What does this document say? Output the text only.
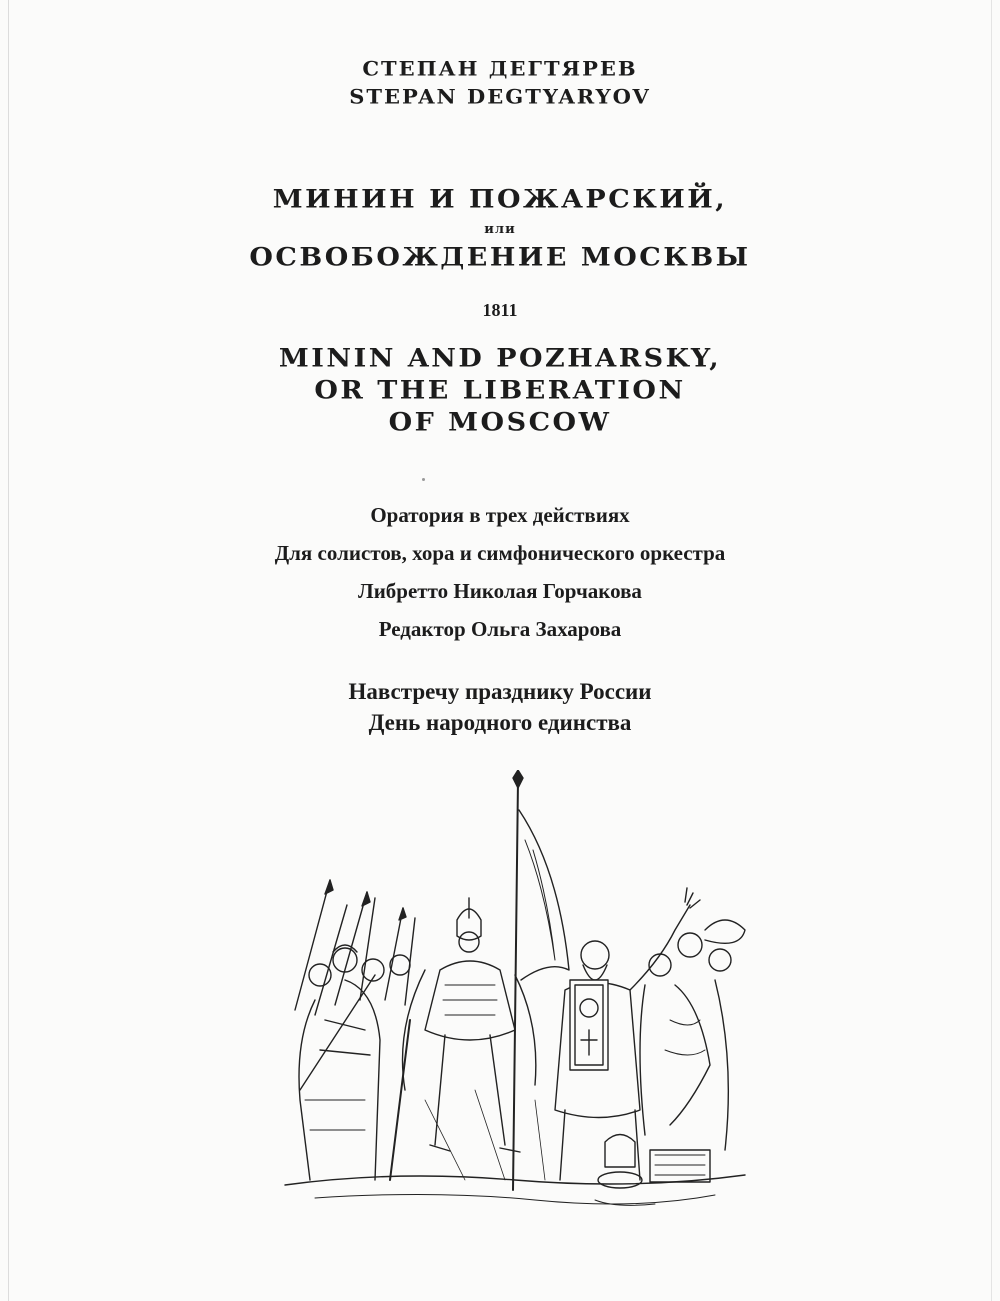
СТЕПАН ДЕГТЯРЕВ
STEPAN DEGTYARYOV
МИНИН И ПОЖАРСКИЙ,
или
ОСВОБОЖДЕНИЕ МОСКВЫ
1811
MININ AND POZHARSKY,
OR THE LIBERATION
OF MOSCOW
Оратория в трех действиях
Для солистов, хора и симфонического оркестра
Либретто Николая Горчакова
Редактор Ольга Захарова
Навстречу празднику России
День народного единства
